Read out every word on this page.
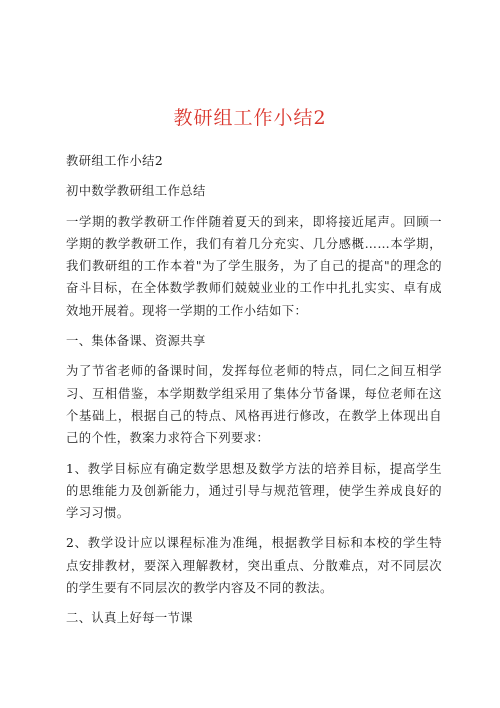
教研组工作小结2

教研组工作小结2

初中数学教研组工作总结

一学期的教学教研工作伴随着夏天的到来，即将接近尾声。回顾一学期的教学教研工作，我们有着几分充实、几分感概……本学期，我们教研组的工作本着"为了学生服务，为了自己的提高"的理念的奋斗目标，在全体数学教师们兢兢业业的工作中扎扎实实、卓有成效地开展着。现将一学期的工作小结如下：

一、集体备课、资源共享

为了节省老师的备课时间，发挥每位老师的特点，同仁之间互相学习、互相借鉴，本学期数学组采用了集体分节备课，每位老师在这个基础上，根据自己的特点、风格再进行修改，在教学上体现出自己的个性，教案力求符合下列要求：

1、教学目标应有确定数学思想及数学方法的培养目标，提高学生的思维能力及创新能力，通过引导与规范管理，使学生养成良好的学习习惯。

2、教学设计应以课程标准为准绳，根据教学目标和本校的学生特点安排教材，要深入理解教材，突出重点、分散难点，对不同层次的学生要有不同层次的教学内容及不同的教法。

二、认真上好每一节课
